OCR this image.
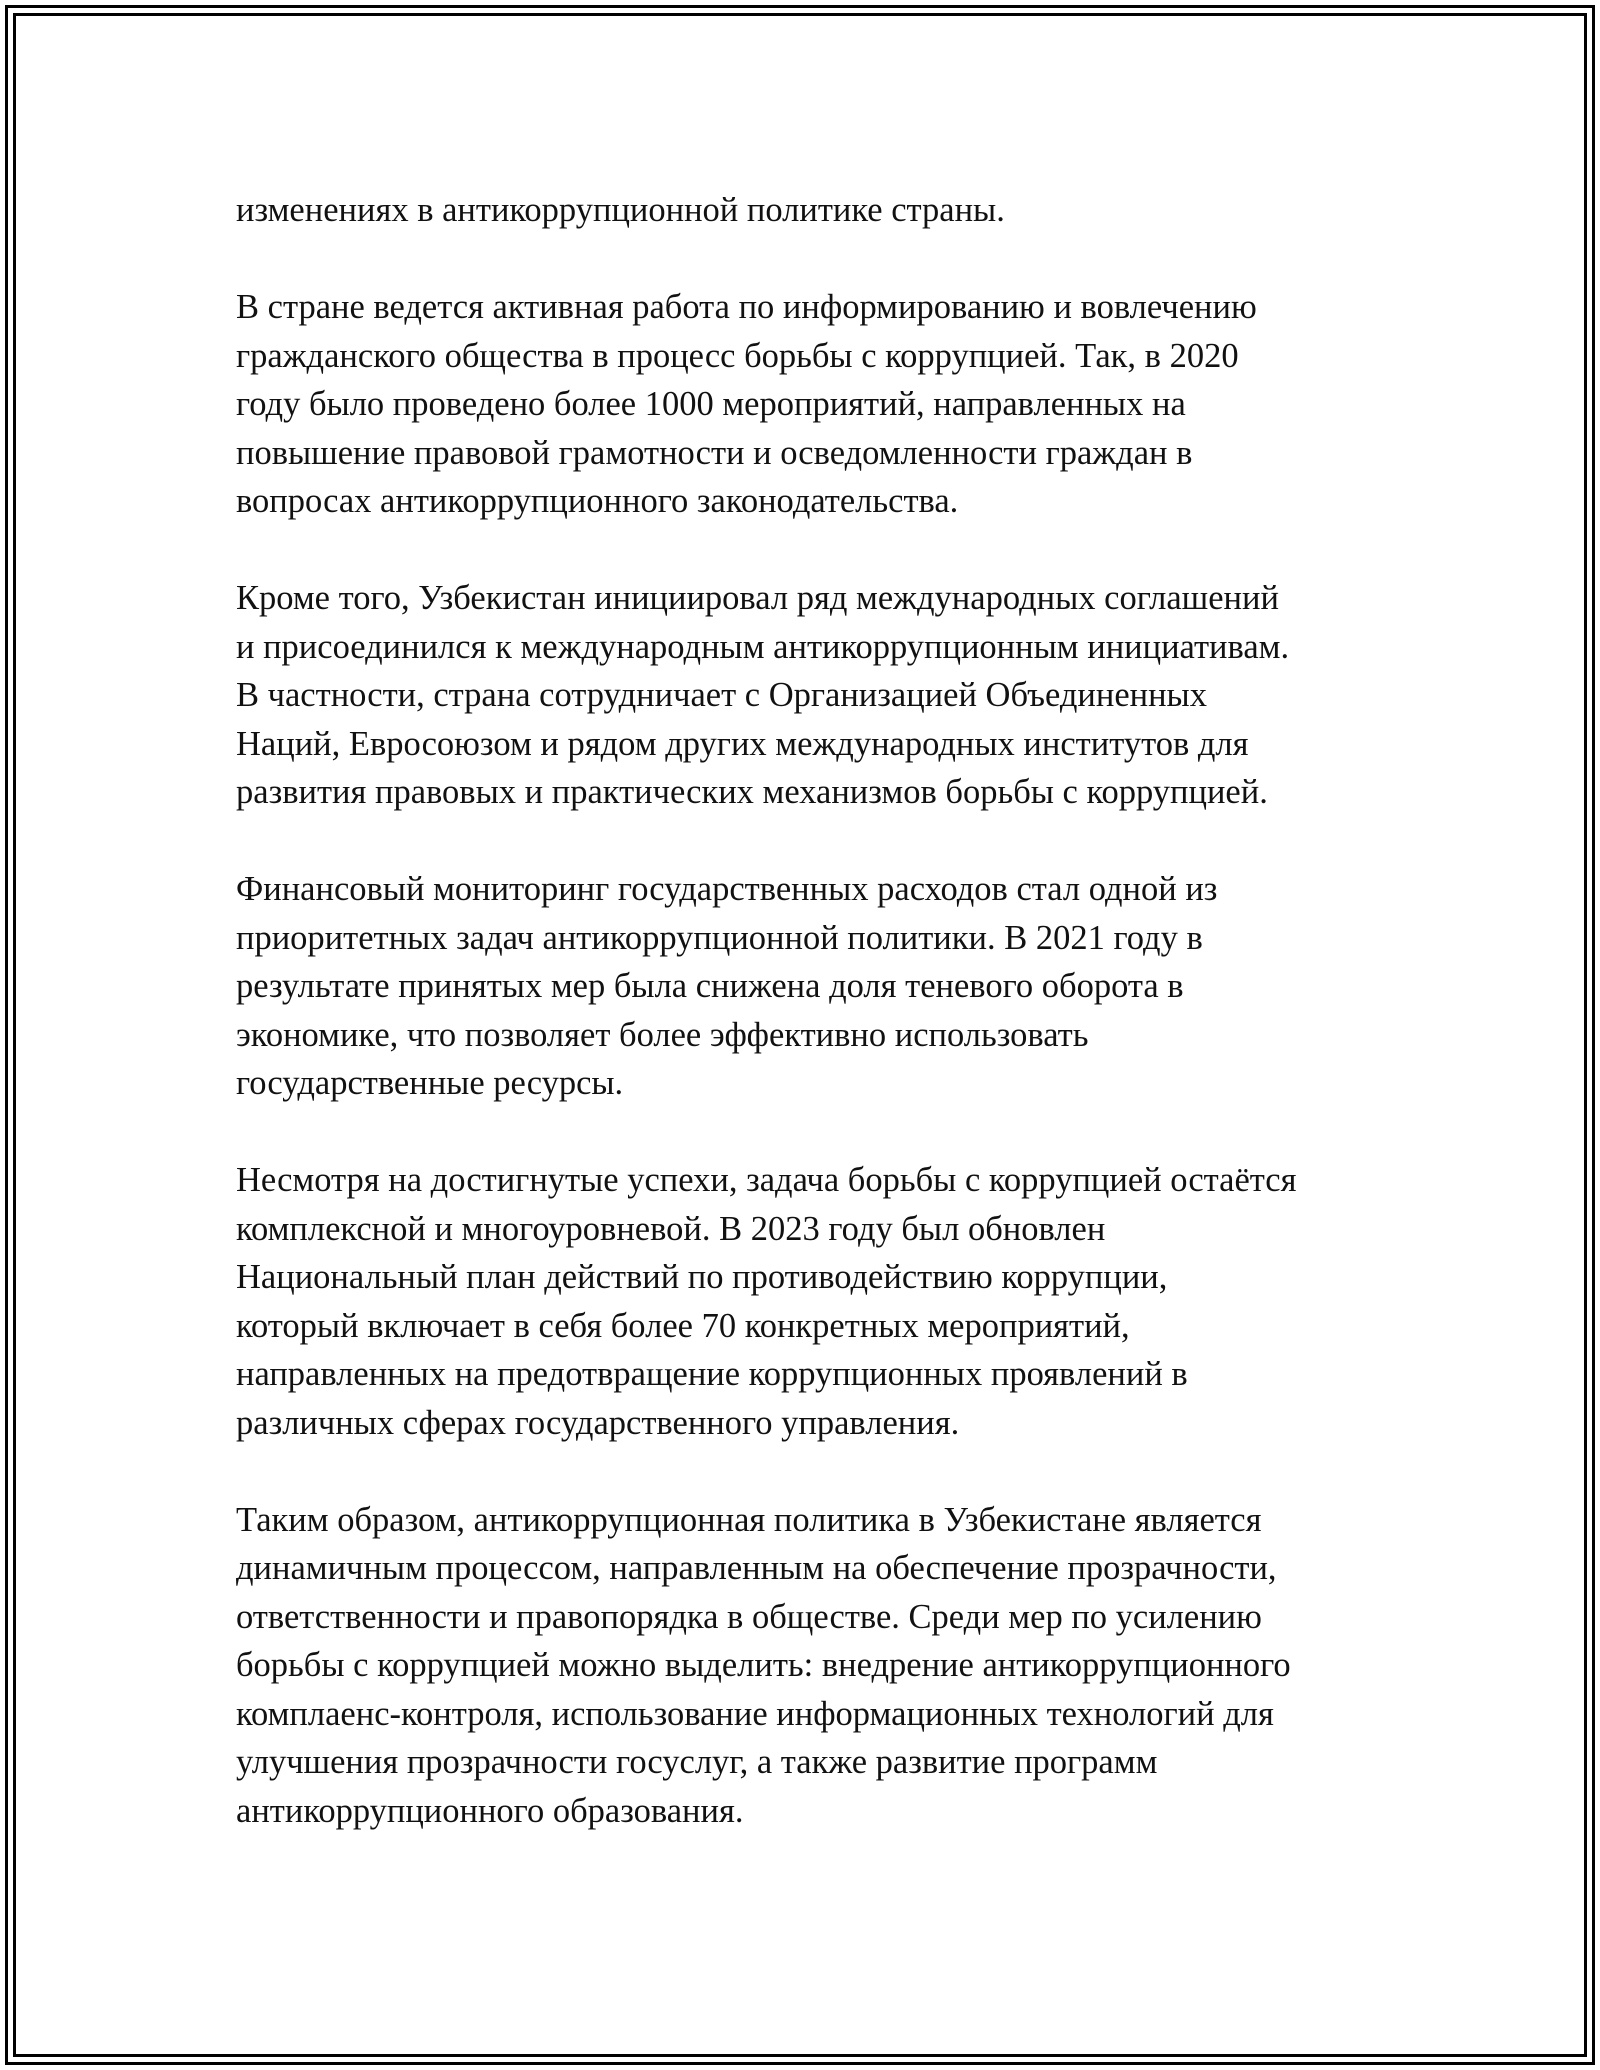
изменениях в антикоррупционной политике страны.

В стране ведется активная работа по информированию и вовлечению
гражданского общества в процесс борьбы с коррупцией. Так, в 2020
году было проведено более 1000 мероприятий, направленных на
повышение правовой грамотности и осведомленности граждан в
вопросах антикоррупционного законодательства.

Кроме того, Узбекистан инициировал ряд международных соглашений
и присоединился к международным антикоррупционным инициативам.
В частности, страна сотрудничает с Организацией Объединенных
Наций, Евросоюзом и рядом других международных институтов для
развития правовых и практических механизмов борьбы с коррупцией.

Финансовый мониторинг государственных расходов стал одной из
приоритетных задач антикоррупционной политики. В 2021 году в
результате принятых мер была снижена доля теневого оборота в
экономике, что позволяет более эффективно использовать
государственные ресурсы.

Несмотря на достигнутые успехи, задача борьбы с коррупцией остаётся
комплексной и многоуровневой. В 2023 году был обновлен
Национальный план действий по противодействию коррупции,
который включает в себя более 70 конкретных мероприятий,
направленных на предотвращение коррупционных проявлений в
различных сферах государственного управления.

Таким образом, антикоррупционная политика в Узбекистане является
динамичным процессом, направленным на обеспечение прозрачности,
ответственности и правопорядка в обществе. Среди мер по усилению
борьбы с коррупцией можно выделить: внедрение антикоррупционного
комплаенс-контроля, использование информационных технологий для
улучшения прозрачности госуслуг, а также развитие программ
антикоррупционного образования.
